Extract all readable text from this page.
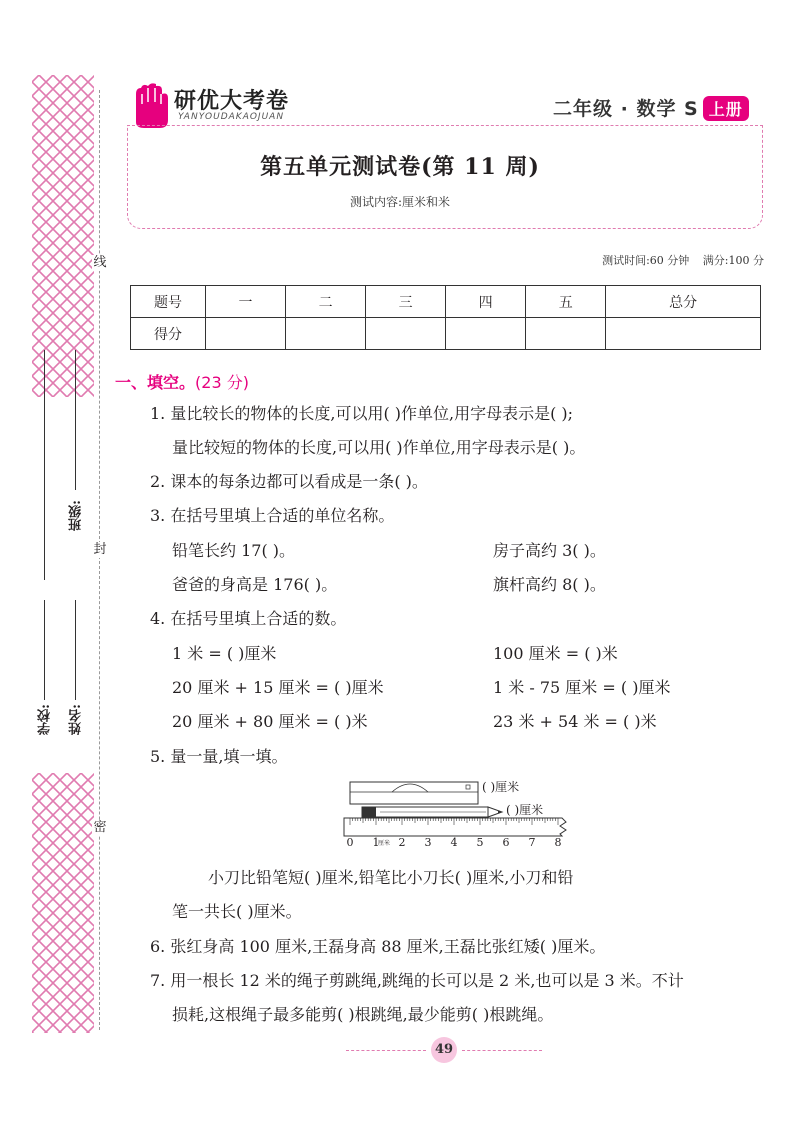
线
封
密
学校: 姓名:
班级:
研优大考卷
YANYOUDAKAOJUAN	二年级 · 数学 S 上册
第五单元测试卷(第 11 周)
测试内容:厘米和米
测试时间:60 分钟 满分:100 分
题号	一	二	三	四	五	总分
得分						
一、填空。(23 分)
1. 量比较长的物体的长度,可以用( )作单位,用字母表示是( );
量比较短的物体的长度,可以用( )作单位,用字母表示是( )。
2. 课本的每条边都可以看成是一条( )。
3. 在括号里填上合适的单位名称。
铅笔长约 17( )。	房子高约 3( )。
爸爸的身高是 176( )。	旗杆高约 8( )。
4. 在括号里填上合适的数。
1 米 = ( )厘米	100 厘米 = ( )米
20 厘米 + 15 厘米 = ( )厘米	1 米 - 75 厘米 = ( )厘米
20 厘米 + 80 厘米 = ( )米	23 米 + 54 米 = ( )米
5. 量一量,填一填。
0 1 2 3 4 5 6 7 8
( )厘米
( )厘米
厘米
小刀比铅笔短( )厘米,铅笔比小刀长( )厘米,小刀和铅
笔一共长( )厘米。
6. 张红身高 100 厘米,王磊身高 88 厘米,王磊比张红矮( )厘米。
7. 用一根长 12 米的绳子剪跳绳,跳绳的长可以是 2 米,也可以是 3 米。不计
损耗,这根绳子最多能剪( )根跳绳,最少能剪( )根跳绳。
49
